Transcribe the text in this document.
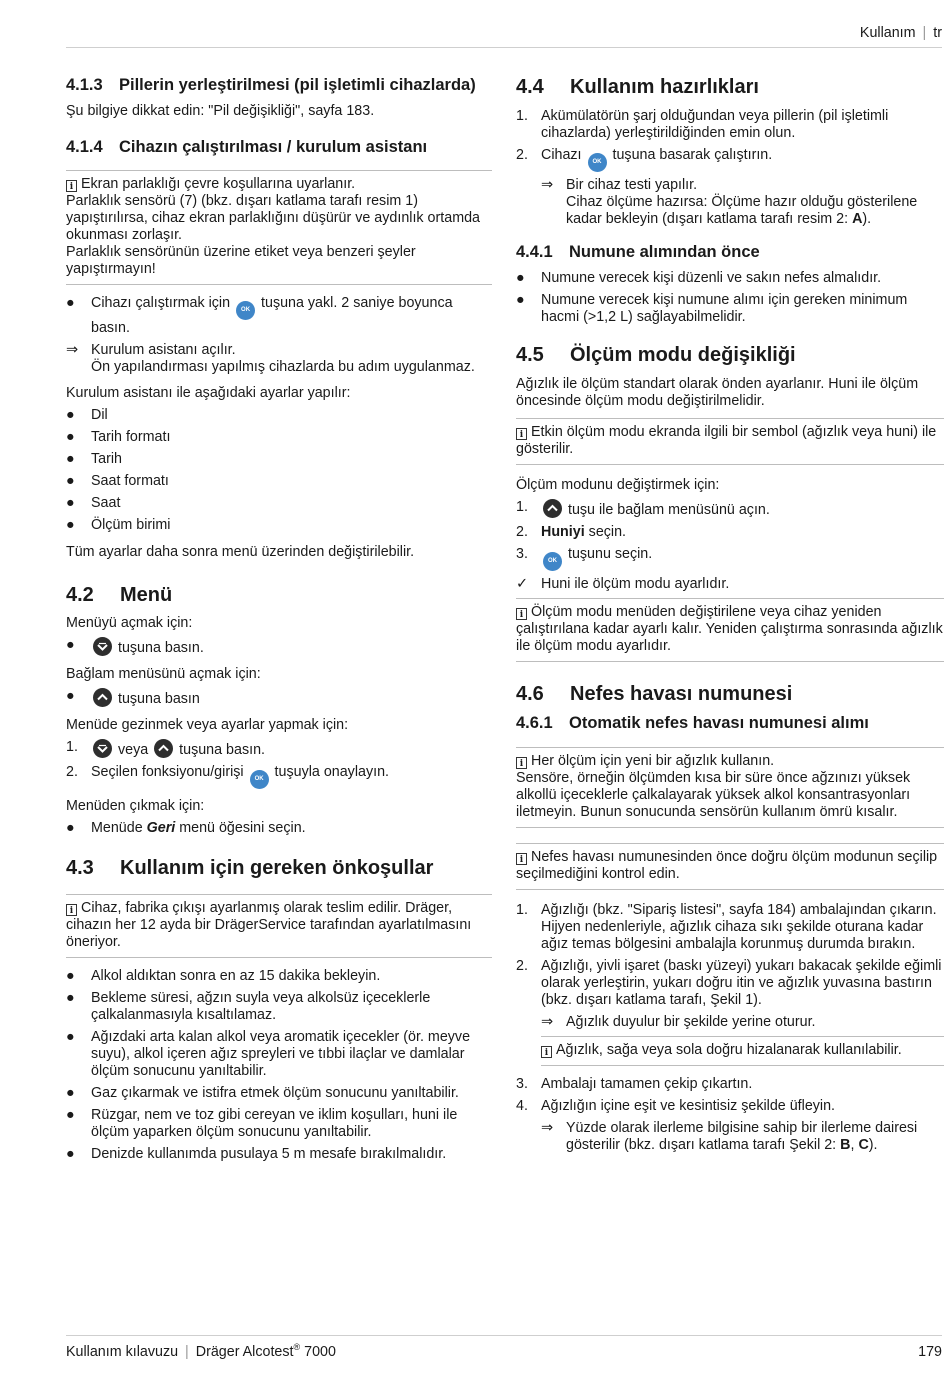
Kullanım | tr
4.1.3 Pillerin yerleştirilmesi (pil işletimli cihazlarda)

Şu bilgiye dikkat edin: "Pil değişikliği", sayfa 183.

4.1.4 Cihazın çalıştırılması / kurulum asistanı

i Ekran parlaklığı çevre koşullarına uyarlanır.

Parlaklık sensörü (7) (bkz. dışarı katlama tarafı resim 1) yapıştırılırsa, cihaz ekran parlaklığını düşürür ve aydınlık ortamda okunması zorlaşır.

Parlaklık sensörünün üzerine etiket veya benzeri şeyler yapıştırmayın!

●	Cihazı çalıştırmak için OK tuşuna yakl. 2 saniye boyunca basın.
⇒ Kurulum asistanı açılır.
Ön yapılandırması yapılmış cihazlarda bu adım uygulanmaz.

Kurulum asistanı ile aşağıdaki ayarlar yapılır:

●	Dil
●	Tarih formatı
●	Tarih
●	Saat formatı
●	Saat
●	Ölçüm birimi

Tüm ayarlar daha sonra menü üzerinden değiştirilebilir.

4.2	Menü

Menüyü açmak için:

●	tuşuna basın.

Bağlam menüsünü açmak için:

●	tuşuna basın

Menüde gezinmek veya ayarlar yapmak için:

1.	veya tuşuna basın.
2. Seçilen fonksiyonu/girişi OK tuşuyla onaylayın.

Menüden çıkmak için:

●	Menüde Geri menü öğesini seçin.
4.3	Kullanım için gereken önkoşullar

i Cihaz, fabrika çıkışı ayarlanmış olarak teslim edilir. Dräger, cihazın her 12 ayda bir DrägerService tarafından ayarlatılmasını öneriyor.

●	Alkol aldıktan sonra en az 15 dakika bekleyin.
●	Bekleme süresi, ağzın suyla veya alkolsüz içeceklerle çalkalanmasıyla kısaltılamaz.
●	Ağızdaki arta kalan alkol veya aromatik içecekler (ör. meyve suyu), alkol içeren ağız spreyleri ve tıbbi ilaçlar ve damlalar ölçüm sonucunu yanıltabilir.
●	Gaz çıkarmak ve istifra etmek ölçüm sonucunu yanıltabilir.
●	Rüzgar, nem ve toz gibi cereyan ve iklim koşulları, huni ile ölçüm yaparken ölçüm sonucunu yanıltabilir.
●	Denizde kullanımda pusulaya 5 m mesafe bırakılmalıdır.
4.4	Kullanım hazırlıkları
1. Akümülatörün şarj olduğundan veya pillerin (pil işletimli cihazlarda) yerleştirildiğinden emin olun.
2. Cihazı OK tuşuna basarak çalıştırın.
⇒ Bir cihaz testi yapılır.
Cihaz ölçüme hazırsa: Ölçüme hazır olduğu gösterilene kadar bekleyin (dışarı katlama tarafı resim 2: A).
4.4.1 Numune alımından önce
●	Numune verecek kişi düzenli ve sakın nefes almalıdır.
●	Numune verecek kişi numune alımı için gereken minimum hacmi (>1,2 L) sağlayabilmelidir.
4.5	Ölçüm modu değişikliği

Ağızlık ile ölçüm standart olarak önden ayarlanır. Huni ile ölçüm öncesinde ölçüm modu değiştirilmelidir.

i Etkin ölçüm modu ekranda ilgili bir sembol (ağızlık veya huni) ile gösterilir.

Ölçüm modunu değiştirmek için:

1.	tuşu ile bağlam menüsünü açın.
2. Huniyi seçin.
3.	OK tuşunu seçin.
✓ Huni ile ölçüm modu ayarlıdır.

i Ölçüm modu menüden değiştirilene veya cihaz yeniden çalıştırılana kadar ayarlı kalır. Yeniden çalıştırma sonrasında ağızlık ile ölçüm modu ayarlıdır.

4.6	Nefes havası numunesi
4.6.1 Otomatik nefes havası numunesi alımı

i Her ölçüm için yeni bir ağızlık kullanın.

Sensöre, örneğin ölçümden kısa bir süre önce ağzınızı yüksek alkollü içeceklerle çalkalayarak yüksek alkol konsantrasyonları iletmeyin. Bunun sonucunda sensörün kullanım ömrü kısalır.

i Nefes havası numunesinden önce doğru ölçüm modunun seçilip seçilmediğini kontrol edin.

1. Ağızlığı (bkz. "Sipariş listesi", sayfa 184) ambalajından çıkarın. Hijyen nedenleriyle, ağızlık cihaza sıkı şekilde oturana kadar ağız temas bölgesini ambalajla korunmuş durumda bırakın.
2. Ağızlığı, yivli işaret (baskı yüzeyi) yukarı bakacak şekilde eğimli olarak yerleştirin, yukarı doğru itin ve ağızlık yuvasına bastırın (bkz. dışarı katlama tarafı, Şekil 1).
⇒ Ağızlık duyulur bir şekilde yerine oturur.

i Ağızlık, sağa veya sola doğru hizalanarak kullanılabilir.

3. Ambalajı tamamen çekip çıkartın.
4. Ağızlığın içine eşit ve kesintisiz şekilde üfleyin.
⇒ Yüzde olarak ilerleme bilgisine sahip bir ilerleme dairesi gösterilir (bkz. dışarı katlama tarafı Şekil 2: B, C).
Kullanım kılavuzu | Dräger Alcotest® 7000	179
